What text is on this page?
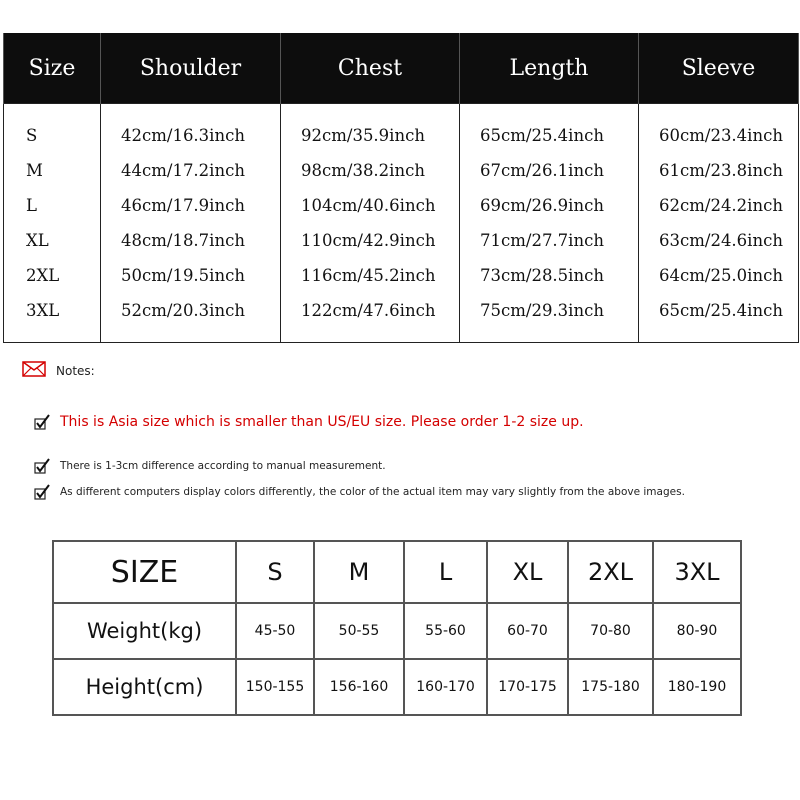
Size	Shoulder	Chest	Length	Sleeve
S	42cm/16.3inch	92cm/35.9inch	65cm/25.4inch	60cm/23.4inch
M	44cm/17.2inch	98cm/38.2inch	67cm/26.1inch	61cm/23.8inch
L	46cm/17.9inch	104cm/40.6inch	69cm/26.9inch	62cm/24.2inch
XL	48cm/18.7inch	110cm/42.9inch	71cm/27.7inch	63cm/24.6inch
2XL	50cm/19.5inch	116cm/45.2inch	73cm/28.5inch	64cm/25.0inch
3XL	52cm/20.3inch	122cm/47.6inch	75cm/29.3inch	65cm/25.4inch
Notes:
This is Asia size which is smaller than US/EU size. Please order 1-2 size up.
There is 1-3cm difference according to manual measurement.
As different computers display colors differently, the color of the actual item may vary slightly from the above images.
SIZE	S	M	L	XL	2XL	3XL
Weight(kg)	45-50	50-55	55-60	60-70	70-80	80-90
Height(cm)	150-155	156-160	160-170	170-175	175-180	180-190
